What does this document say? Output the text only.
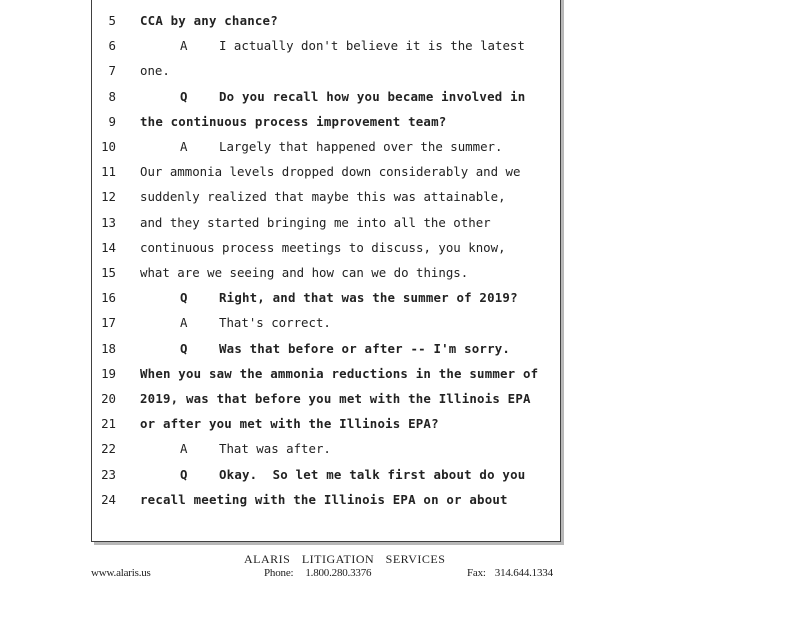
5 CCA by any chance?
6	A	I actually don't believe it is the latest
7 one.
8	Q	Do you recall how you became involved in
9 the continuous process improvement team?
10	A	Largely that happened over the summer.
11 Our ammonia levels dropped down considerably and we
12 suddenly realized that maybe this was attainable,
13 and they started bringing me into all the other
14 continuous process meetings to discuss, you know,
15 what are we seeing and how can we do things.
16	Q	Right, and that was the summer of 2019?
17	A	That's correct.
18	Q	Was that before or after -- I'm sorry.
19 When you saw the ammonia reductions in the summer of
20 2019, was that before you met with the Illinois EPA
21 or after you met with the Illinois EPA?
22	A	That was after.
23	Q	Okay.  So let me talk first about do you
24 recall meeting with the Illinois EPA on or about
ALARIS LITIGATION SERVICES
www.alaris.us	Phone: 1.800.280.3376	Fax: 314.644.1334
